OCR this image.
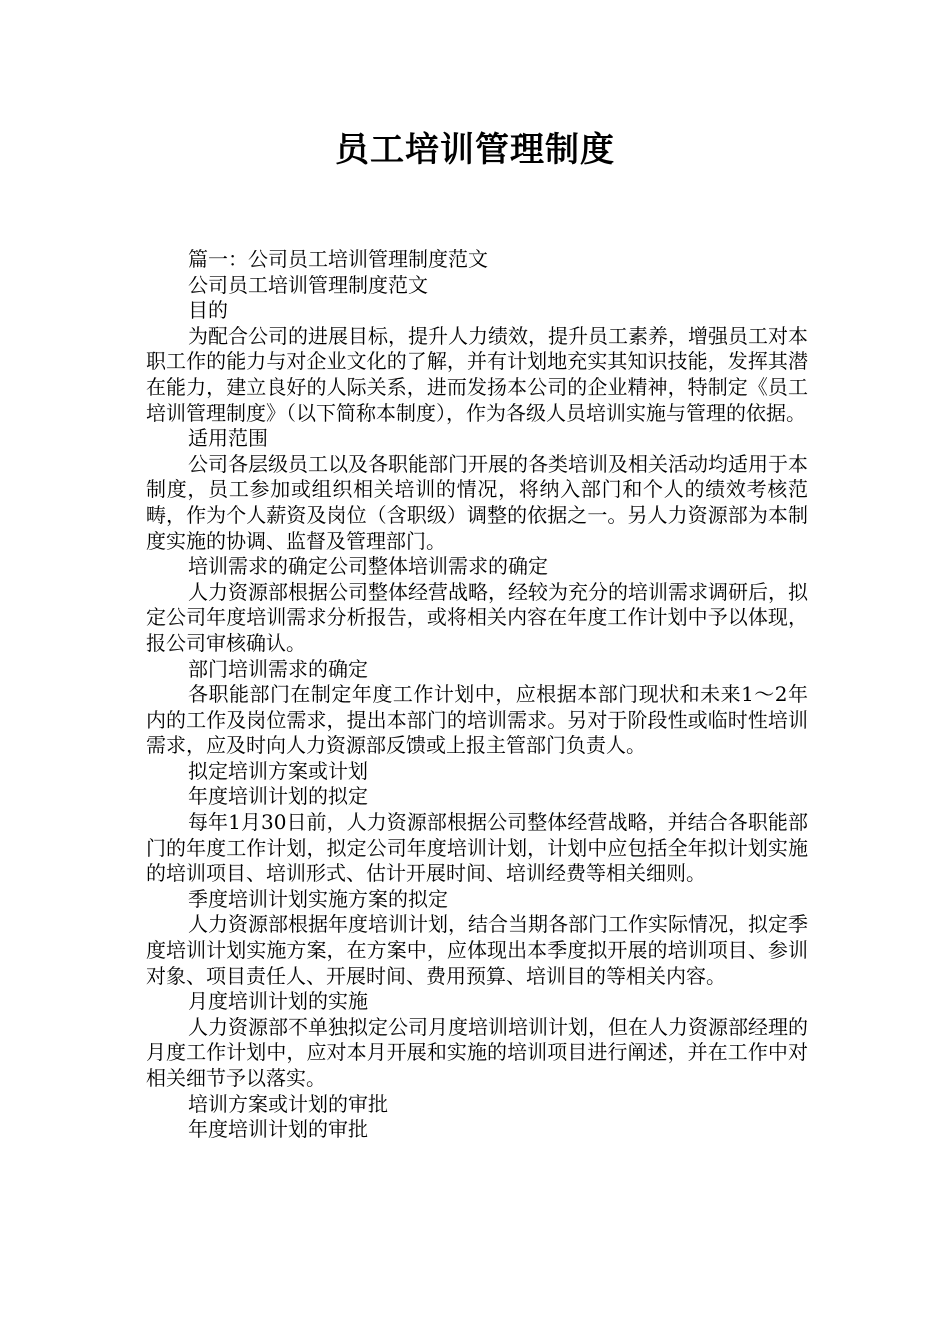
员工培训管理制度

篇一：公司员工培训管理制度范文

公司员工培训管理制度范文

目的

为配合公司的进展目标，提升人力绩效，提升员工素养，增强员工对本职工作的能力与对企业文化的了解，并有计划地充实其知识技能，发挥其潜在能力，建立良好的人际关系，进而发扬本公司的企业精神，特制定《员工培训管理制度》（以下简称本制度），作为各级人员培训实施与管理的依据。

适用范围

公司各层级员工以及各职能部门开展的各类培训及相关活动均适用于本制度，员工参加或组织相关培训的情况，将纳入部门和个人的绩效考核范畴，作为个人薪资及岗位（含职级）调整的依据之一。另人力资源部为本制度实施的协调、监督及管理部门。

培训需求的确定公司整体培训需求的确定

人力资源部根据公司整体经营战略，经较为充分的培训需求调研后，拟定公司年度培训需求分析报告，或将相关内容在年度工作计划中予以体现，报公司审核确认。

部门培训需求的确定

各职能部门在制定年度工作计划中，应根据本部门现状和未来1～2年内的工作及岗位需求，提出本部门的培训需求。另对于阶段性或临时性培训需求，应及时向人力资源部反馈或上报主管部门负责人。

拟定培训方案或计划

年度培训计划的拟定

每年1月30日前，人力资源部根据公司整体经营战略，并结合各职能部门的年度工作计划，拟定公司年度培训计划，计划中应包括全年拟计划实施的培训项目、培训形式、估计开展时间、培训经费等相关细则。

季度培训计划实施方案的拟定

人力资源部根据年度培训计划，结合当期各部门工作实际情况，拟定季度培训计划实施方案，在方案中，应体现出本季度拟开展的培训项目、参训对象、项目责任人、开展时间、费用预算、培训目的等相关内容。

月度培训计划的实施

人力资源部不单独拟定公司月度培训培训计划，但在人力资源部经理的月度工作计划中，应对本月开展和实施的培训项目进行阐述，并在工作中对相关细节予以落实。

培训方案或计划的审批

年度培训计划的审批
